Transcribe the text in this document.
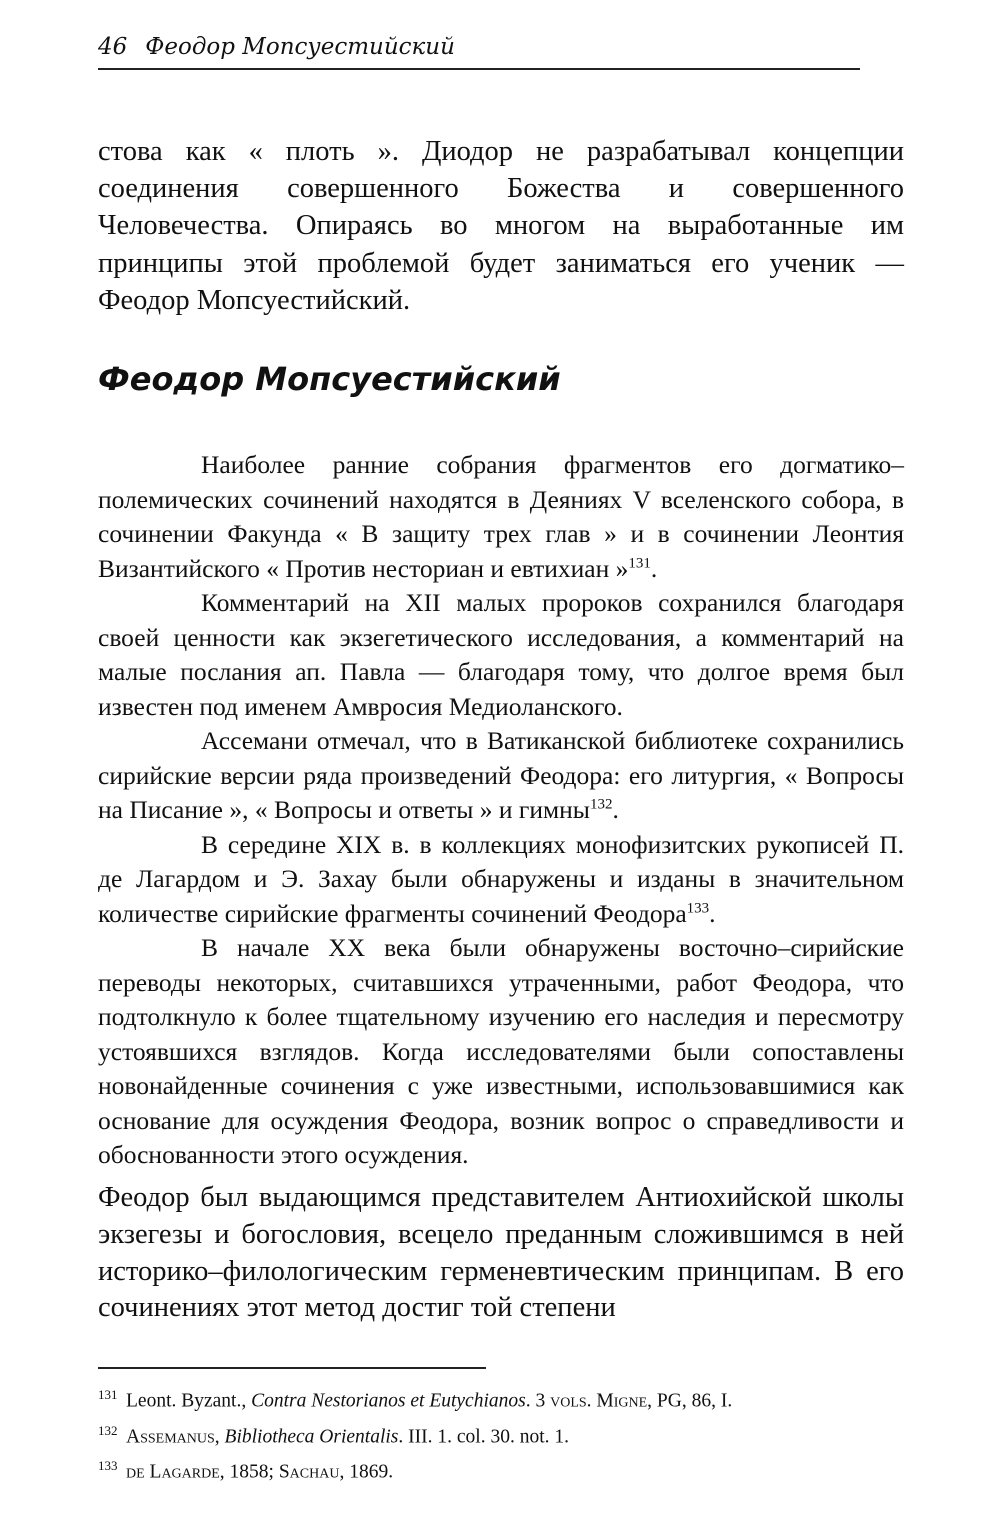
46 Феодор Мопсуестийский
стова как « плоть ». Диодор не разрабатывал концепции соединения совершенного Божества и совершенного Человечества. Опираясь во многом на выработанные им принципы этой проблемой будет заниматься его ученик — Феодор Мопсуестийский.
Феодор Мопсуестийский

Наиболее ранние собрания фрагментов его догматико–полемических сочинений находятся в Деяниях V вселенского собора, в сочинении Факунда « В защиту трех глав » и в сочинении Леонтия Византийского « Против несториан и евтихиан »$^{131}$.

Комментарий на XII малых пророков сохранился благодаря своей ценности как экзегетического исследования, а комментарий на малые послания ап. Павла — благодаря тому, что долгое время был известен под именем Амвросия Медиоланского.

Ассемани отмечал, что в Ватиканской библиотеке сохранились сирийские версии ряда произведений Феодора: его литургия, « Вопросы на Писание », « Вопросы и ответы » и гимны$^{132}$.

В середине XIX в. в коллекциях монофизитских рукописей П. де Лагардом и Э. Захау были обнаружены и изданы в значительном количестве сирийские фрагменты сочинений Феодора$^{133}$.

В начале XX века были обнаружены восточно–сирийские переводы некоторых, считавшихся утраченными, работ Феодора, что подтолкнуло к более тщательному изучению его наследия и пересмотру устоявшихся взглядов. Когда исследователями были сопоставлены новонайденные сочинения с уже известными, использовавшимися как основание для осуждения Феодора, возник вопрос о справедливости и обоснованности этого осуждения.

Феодор был выдающимся представителем Антиохийской школы экзегезы и богословия, всецело преданным сложившимся в ней историко–филологическим герменевтическим принципам. В его сочинениях этот метод достиг той степени

$^{131}$ Leont. Byzant., Contra Nestorianos et Eutychianos. 3 vols. Migne, PG, 86, I.

$^{132}$ Assemanus, Bibliotheca Orientalis. III. 1. col. 30. not. 1.

$^{133}$ de Lagarde, 1858; Sachau, 1869.
